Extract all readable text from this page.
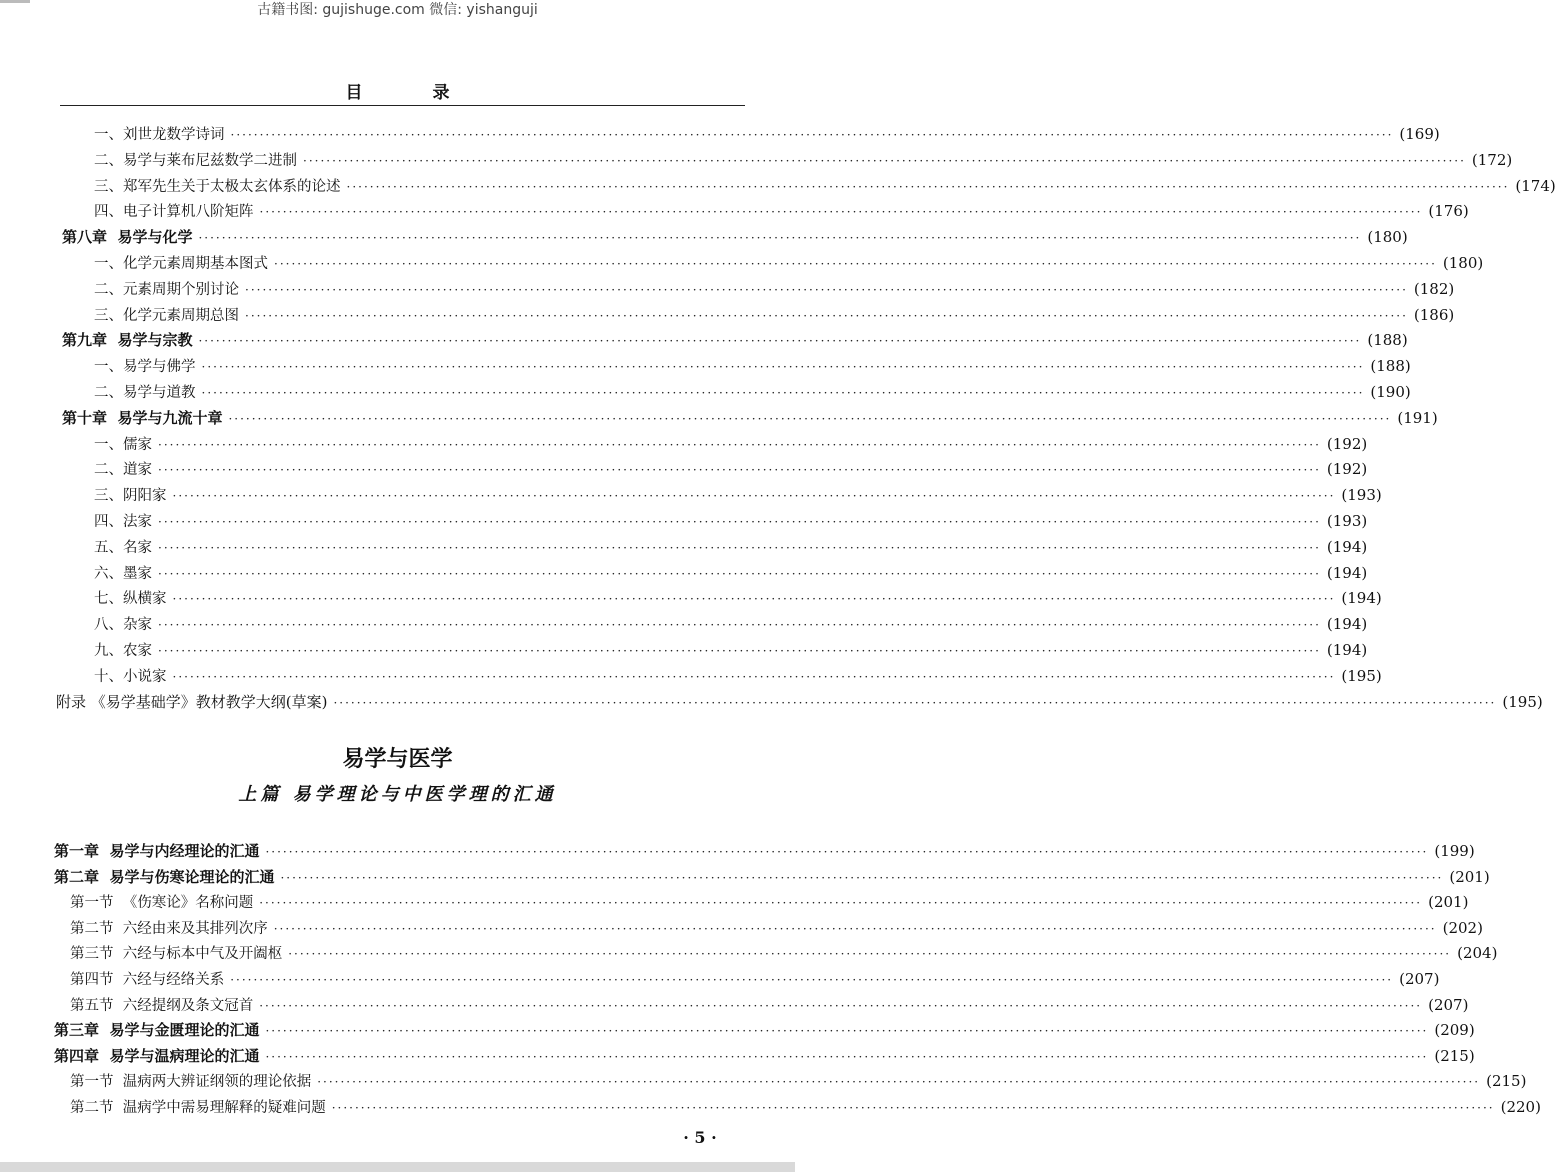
古籍书图: gujishuge.com 微信: yishanguji
目 录
一、刘世龙数学诗词 ········································································································································································································ (169)
二、易学与莱布尼兹数学二进制 ········································································································································································································ (172)
三、郑军先生关于太极太玄体系的论述 ········································································································································································································ (174)
四、电子计算机八阶矩阵 ········································································································································································································ (176)
第八章  易学与化学 ········································································································································································································ (180)
一、化学元素周期基本图式 ········································································································································································································ (180)
二、元素周期个别讨论 ········································································································································································································ (182)
三、化学元素周期总图 ········································································································································································································ (186)
第九章  易学与宗教 ········································································································································································································ (188)
一、易学与佛学 ········································································································································································································ (188)
二、易学与道教 ········································································································································································································ (190)
第十章  易学与九流十章 ········································································································································································································ (191)
一、儒家 ········································································································································································································ (192)
二、道家 ········································································································································································································ (192)
三、阴阳家 ········································································································································································································ (193)
四、法家 ········································································································································································································ (193)
五、名家 ········································································································································································································ (194)
六、墨家 ········································································································································································································ (194)
七、纵横家 ········································································································································································································ (194)
八、杂家 ········································································································································································································ (194)
九、农家 ········································································································································································································ (194)
十、小说家 ········································································································································································································ (195)
附录 《易学基础学》教材教学大纲(草案) ········································································································································································································ (195)
易学与医学
上篇 易学理论与中医学理的汇通
第一章  易学与内经理论的汇通 ········································································································································································································ (199)
第二章  易学与伤寒论理论的汇通 ········································································································································································································ (201)
第一节  《伤寒论》名称问题 ········································································································································································································ (201)
第二节  六经由来及其排列次序 ········································································································································································································ (202)
第三节  六经与标本中气及开阖枢 ········································································································································································································ (204)
第四节  六经与经络关系 ········································································································································································································ (207)
第五节  六经提纲及条文冠首 ········································································································································································································ (207)
第三章  易学与金匮理论的汇通 ········································································································································································································ (209)
第四章  易学与温病理论的汇通 ········································································································································································································ (215)
第一节  温病两大辨证纲领的理论依据 ········································································································································································································ (215)
第二节  温病学中需易理解释的疑难问题 ········································································································································································································ (220)
· 5 ·
